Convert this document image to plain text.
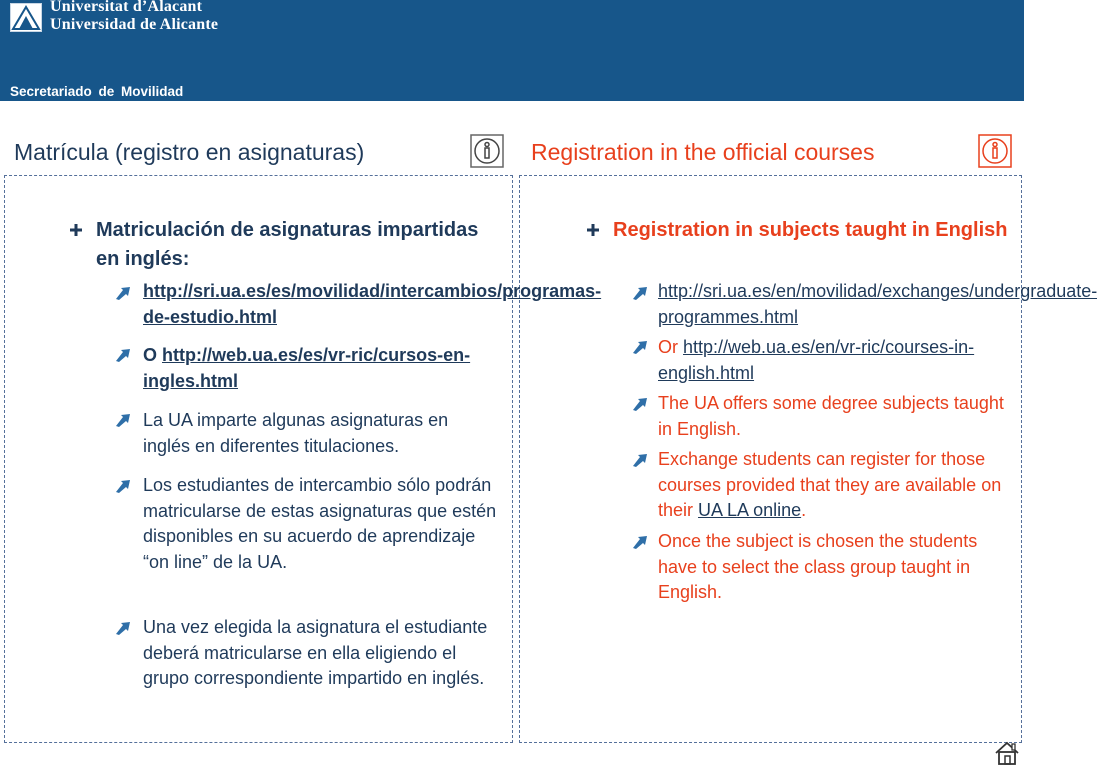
Universitat d’Alacant
Universidad de Alicante
Secretariado de Movilidad
Matrícula (registro en asignaturas)	Registration in the official courses
Matriculación de asignaturas impartidas en inglés:
Registration in subjects taught in English
http://sri.ua.es/es/movilidad/intercambios/programas-de-estudio.html
O http://web.ua.es/es/vr-ric/cursos-en-ingles.html
La UA imparte algunas asignaturas en inglés en diferentes titulaciones.
Los estudiantes de intercambio sólo podrán matricularse de estas asignaturas que estén disponibles en su acuerdo de aprendizaje “on line” de la UA.
Una vez elegida la asignatura el estudiante deberá matricularse en ella eligiendo el grupo correspondiente impartido en inglés.
http://sri.ua.es/en/movilidad/exchanges/undergraduate-programmes.html
Or http://web.ua.es/en/vr-ric/courses-in-english.html
The UA offers some degree subjects taught in English.
Exchange students can register for those courses provided that they are available on their UA LA online.
Once the subject is chosen the students have to select the class group taught in English.
